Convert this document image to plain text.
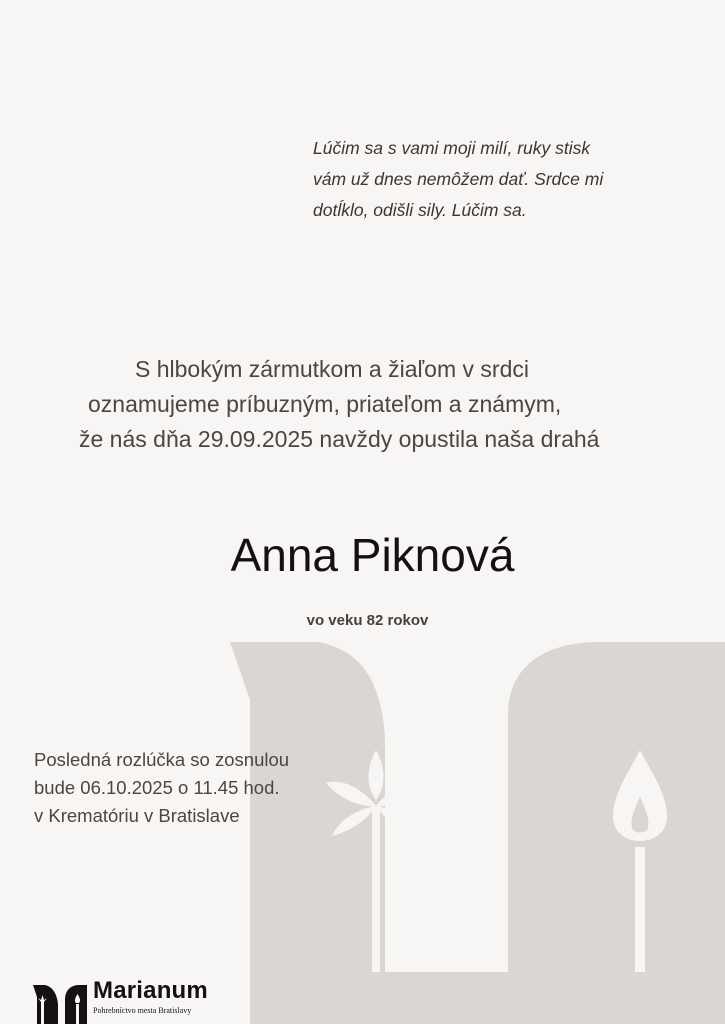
Lúčim sa s vami moji milí, ruky stisk
vám už dnes nemôžem dať. Srdce mi
dotĺklo, odišli sily. Lúčim sa.
S hlbokým zármutkom a žiaľom v srdci
oznamujeme príbuzným, priateľom a známym,
že nás dňa 29.09.2025 navždy opustila naša drahá
Anna Piknová
vo veku 82 rokov
Posledná rozlúčka so zosnulou
bude 06.10.2025 o 11.45 hod.
v Krematóriu v Bratislave
Marianum
Pohrebníctvo mesta Bratislavy
